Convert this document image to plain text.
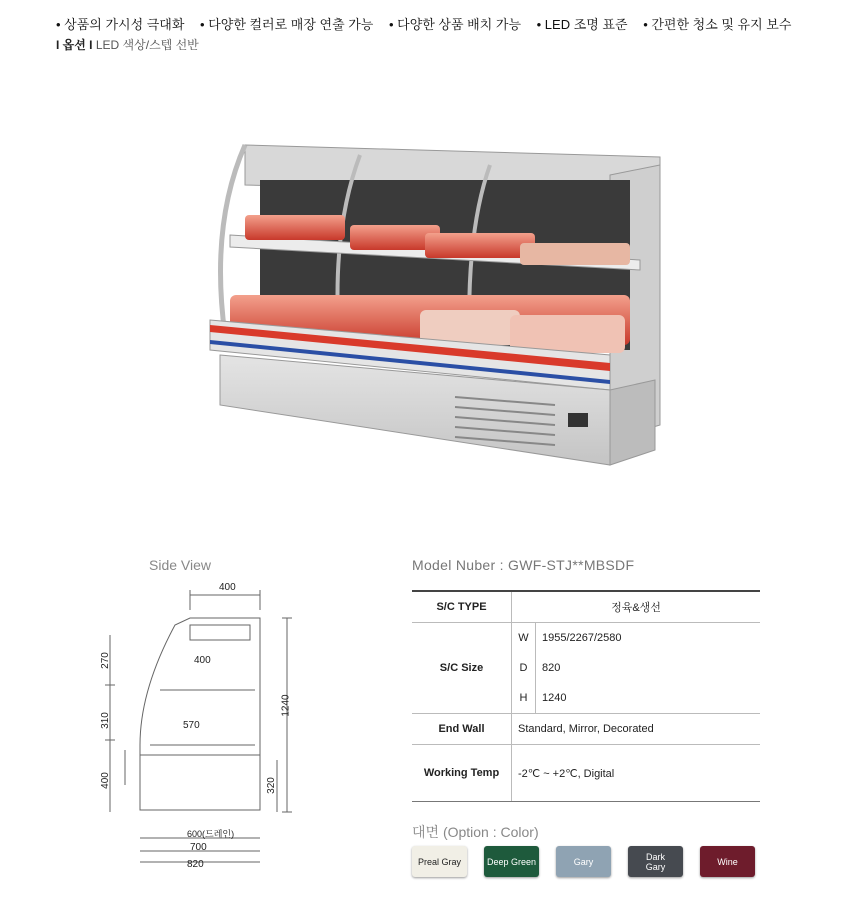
• 상품의 가시성 극대화 • 다양한 컬러로 매장 연출 가능 • 다양한 상품 배치 가능 • LED 조명 표준 • 간편한 청소 및 유지 보수
I 옵션 I LED 색상/스텝 선반
Side View
400
400
570
270
310
400
1240
320
600(드레인)
700
820
Model Nuber : GWF-STJ**MBSDF
S/C TYPE	정육&생선	
S/C Size	W	1955/2267/2580
	D	820
	H	1240
End Wall	Standard, Mirror, Decorated	
Working Temp	-2℃ ~ +2℃, Digital	
대면 (Option : Color)
Preal Gray	Deep Green	Gary	Dark
Gary	Wine
